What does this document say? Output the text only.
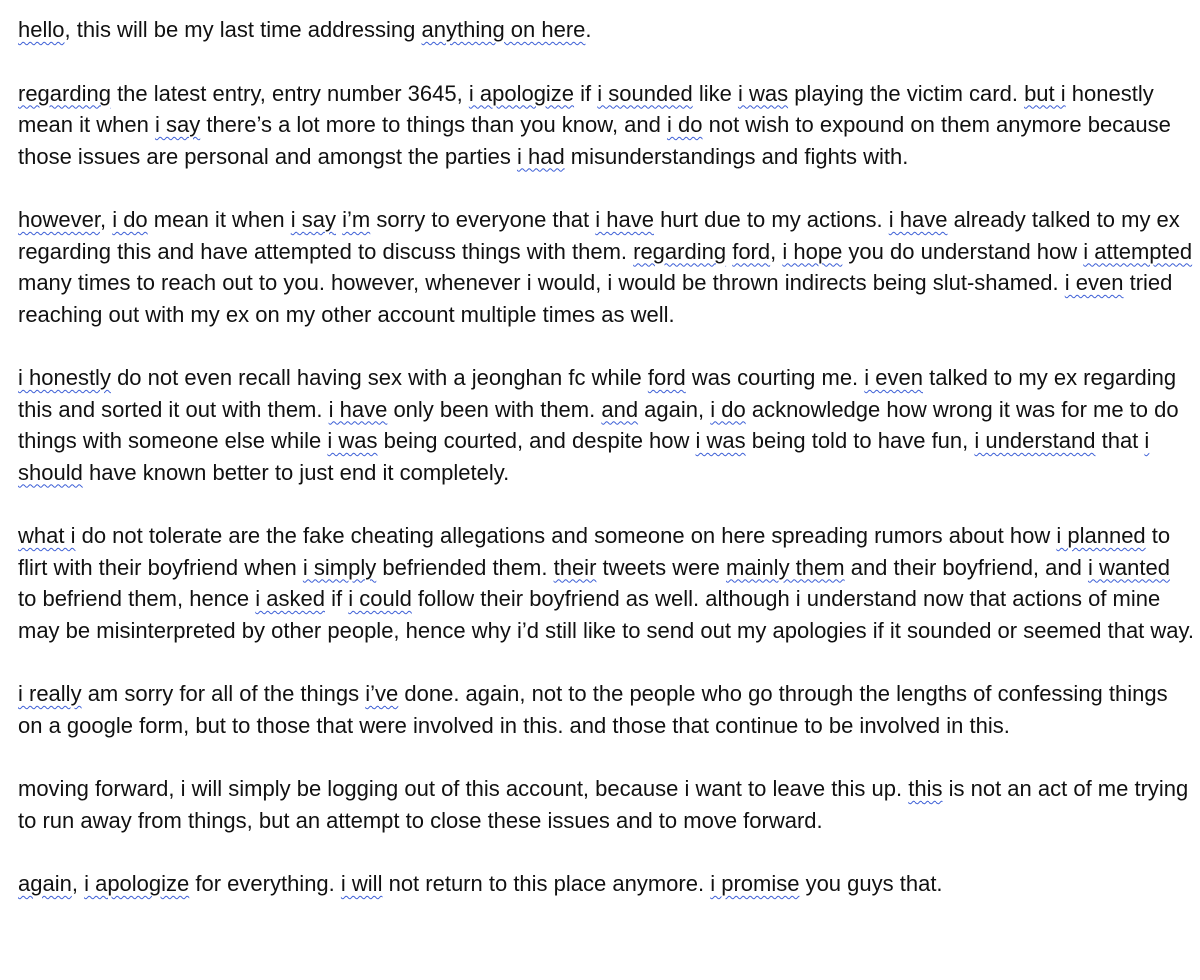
hello, this will be my last time addressing anything on here.

regarding the latest entry, entry number 3645, i apologize if i sounded like i was playing the victim card. but i honestly mean it when i say there’s a lot more to things than you know, and i do not wish to expound on them anymore because those issues are personal and amongst the parties i had misunderstandings and fights with.

however, i do mean it when i say i’m sorry to everyone that i have hurt due to my actions. i have already talked to my ex regarding this and have attempted to discuss things with them. regarding ford, i hope you do understand how i attempted many times to reach out to you. however, whenever i would, i would be thrown indirects being slut-shamed. i even tried reaching out with my ex on my other account multiple times as well.

i honestly do not even recall having sex with a jeonghan fc while ford was courting me. i even talked to my ex regarding this and sorted it out with them. i have only been with them. and again, i do acknowledge how wrong it was for me to do things with someone else while i was being courted, and despite how i was being told to have fun, i understand that i should have known better to just end it completely.

what i do not tolerate are the fake cheating allegations and someone on here spreading rumors about how i planned to flirt with their boyfriend when i simply befriended them. their tweets were mainly them and their boyfriend, and i wanted to befriend them, hence i asked if i could follow their boyfriend as well. although i understand now that actions of mine may be misinterpreted by other people, hence why i’d still like to send out my apologies if it sounded or seemed that way.

i really am sorry for all of the things i’ve done. again, not to the people who go through the lengths of confessing things on a google form, but to those that were involved in this. and those that continue to be involved in this.

moving forward, i will simply be logging out of this account, because i want to leave this up. this is not an act of me trying to run away from things, but an attempt to close these issues and to move forward.

again, i apologize for everything. i will not return to this place anymore. i promise you guys that.
